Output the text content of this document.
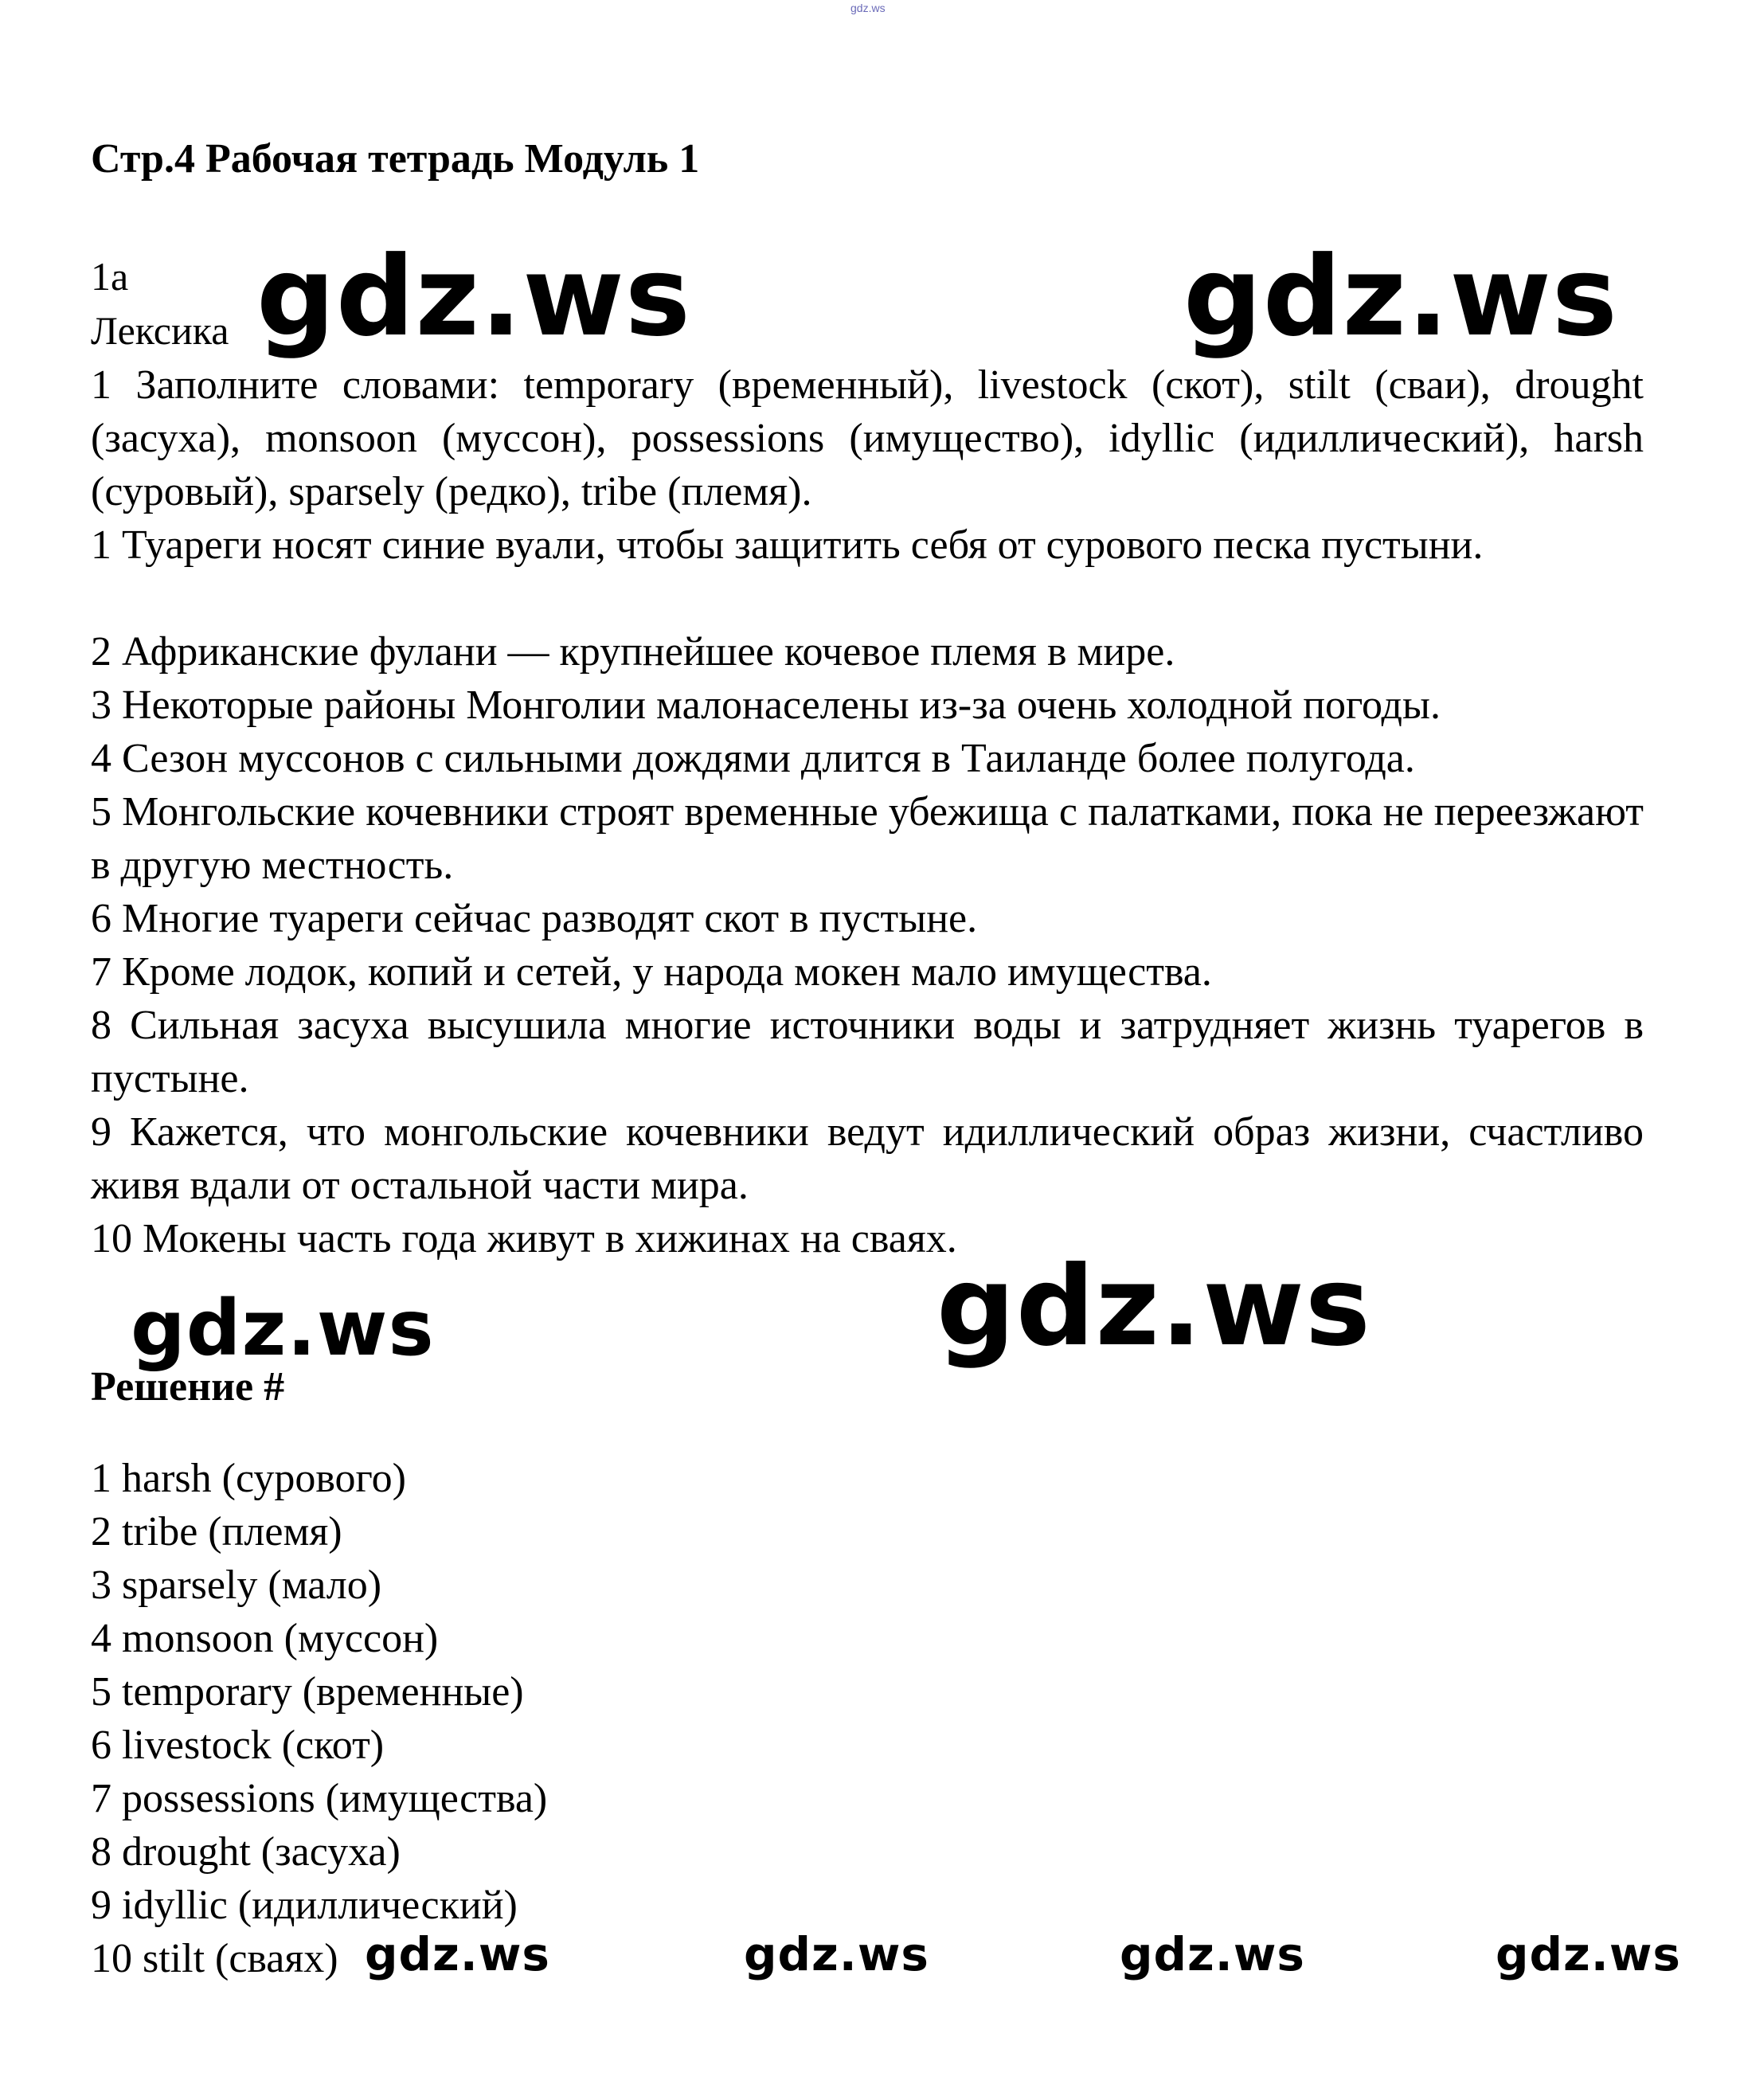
gdz.ws
Стр.4 Рабочая тетрадь Модуль 1
1a
Лексика
1 Заполните словами: temporary (временный), livestock (скот), stilt (сваи), drought (засуха), monsoon (муссон), possessions (имущество), idyllic (идиллический), harsh (суровый), sparsely (редко), tribe (племя).
1 Туареги носят синие вуали, чтобы защитить себя от сурового песка пустыни.
2 Африканские фулани — крупнейшее кочевое племя в мире.
3 Некоторые районы Монголии малонаселены из-за очень холодной погоды.
4 Сезон муссонов с сильными дождями длится в Таиланде более полугода.
5 Монгольские кочевники строят временные убежища с палатками, пока не переезжают в другую местность.
6 Многие туареги сейчас разводят скот в пустыне.
7 Кроме лодок, копий и сетей, у народа мокен мало имущества.
8 Сильная засуха высушила многие источники воды и затрудняет жизнь туарегов в пустыне.
9 Кажется, что монгольские кочевники ведут идиллический образ жизни, счастливо живя вдали от остальной части мира.
10 Мокены часть года живут в хижинах на сваях.
Решение #
1 harsh (сурового)
2 tribe (племя)
3 sparsely (мало)
4 monsoon (муссон)
5 temporary (временные)
6 livestock (скот)
7 possessions (имущества)
8 drought (засуха)
9 idyllic (идиллический)
10 stilt (сваях)
gdz.ws	gdz.ws
gdz.ws
gdz.ws
gdz.ws	gdz.ws	gdz.ws	gdz.ws
